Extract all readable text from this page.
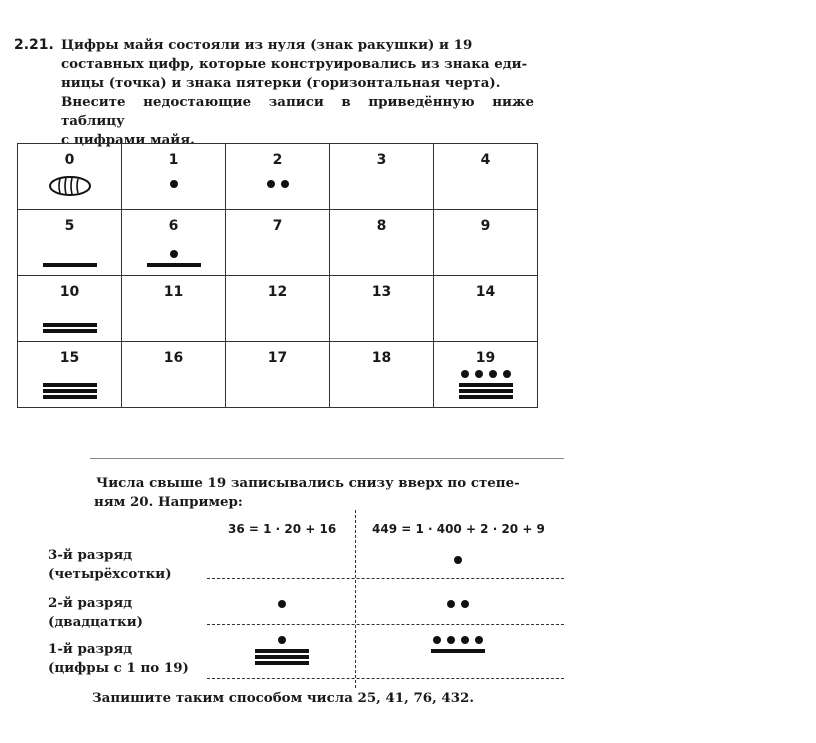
2.21. Цифры майя состояли из нуля (знак ракушки) и 19
составных цифр, которые конструировались из знака еди-
ницы (точка) и знака пятерки (горизонтальная черта).
Внесите недостающие записи в приведённую ниже таблицу
с цифрами майя.
0	1	2	3	4

5	6	7	8	9

10	11	12	13	14

15	16	17	18	19
Числа свыше 19 записывались снизу вверх по степе-
ням 20. Например:
36 = 1 · 20 + 16	449 = 1 · 400 + 2 · 20 + 9
3-й разряд
(четырёхсотки)
2-й разряд
(двадцатки)
1-й разряд
(цифры с 1 по 19)
Запишите таким способом числа 25, 41, 76, 432.
